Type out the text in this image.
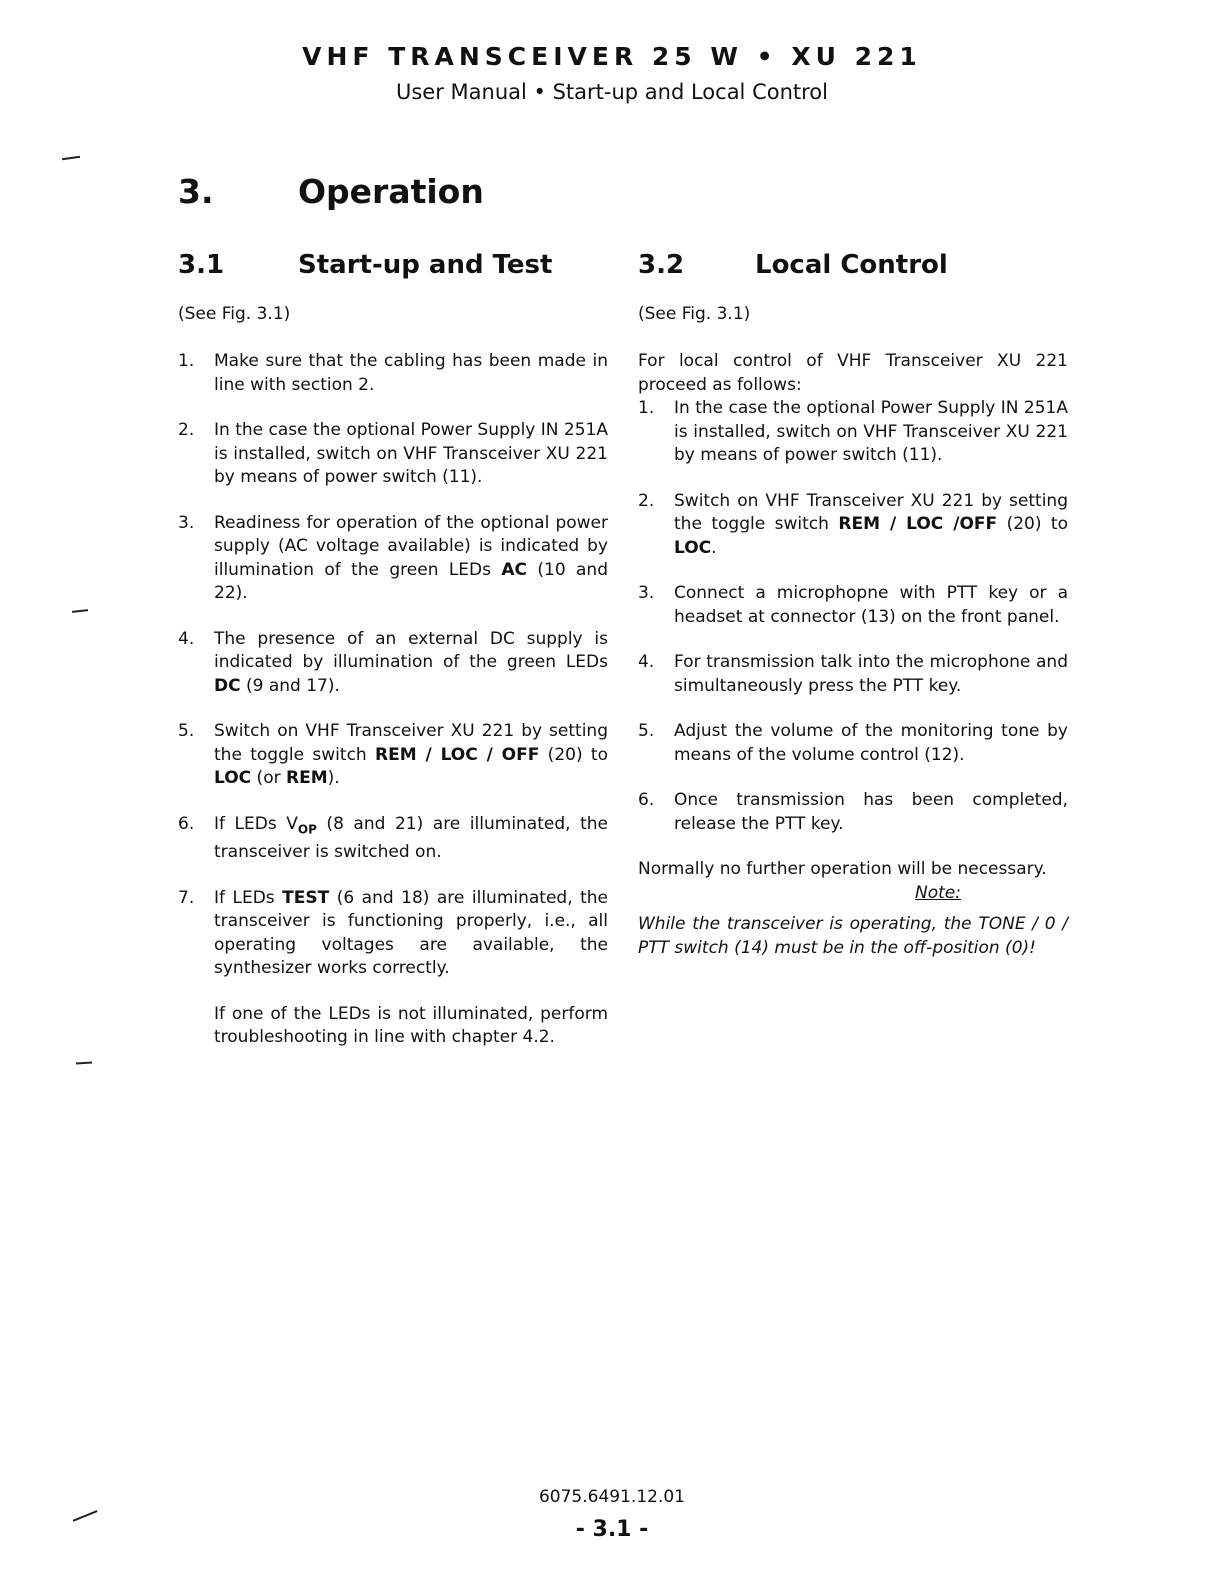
VHF TRANSCEIVER 25 W • XU 221
User Manual • Start-up and Local Control
3.	Operation
3.1	Start-up and Test	3.2	Local Control
(See Fig. 3.1)	(See Fig. 3.1)
1. Make sure that the cabling has been made in line with section 2.
2. In the case the optional Power Supply IN 251A is installed, switch on VHF Transceiver XU 221 by means of power switch (11).
3. Readiness for operation of the optional power supply (AC voltage available) is indicated by illumination of the green LEDs AC (10 and 22).
4. The presence of an external DC supply is indicated by illumination of the green LEDs DC (9 and 17).
5. Switch on VHF Transceiver XU 221 by setting the toggle switch REM / LOC / OFF (20) to LOC (or REM).
6. If LEDs $V_{OP}$ (8 and 21) are illuminated, the transceiver is switched on.
7. If LEDs TEST (6 and 18) are illuminated, the transceiver is functioning properly, i.e., all operating voltages are available, the synthesizer works correctly.
If one of the LEDs is not illuminated, perform troubleshooting in line with chapter 4.2.

For local control of VHF Transceiver XU 221 proceed as follows:

1. In the case the optional Power Supply IN 251A is installed, switch on VHF Transceiver XU 221 by means of power switch (11).
2. Switch on VHF Transceiver XU 221 by setting the toggle switch REM / LOC /OFF (20) to LOC.
3. Connect a microphopne with PTT key or a headset at connector (13) on the front panel.
4. For transmission talk into the microphone and simultaneously press the PTT key.
5. Adjust the volume of the monitoring tone by means of the volume control (12).
6. Once transmission has been completed, release the PTT key.

Normally no further operation will be necessary.

Note:

While the transceiver is operating, the TONE / 0 / PTT switch (14) must be in the off-position (0)!

6075.6491.12.01
- 3.1 -
